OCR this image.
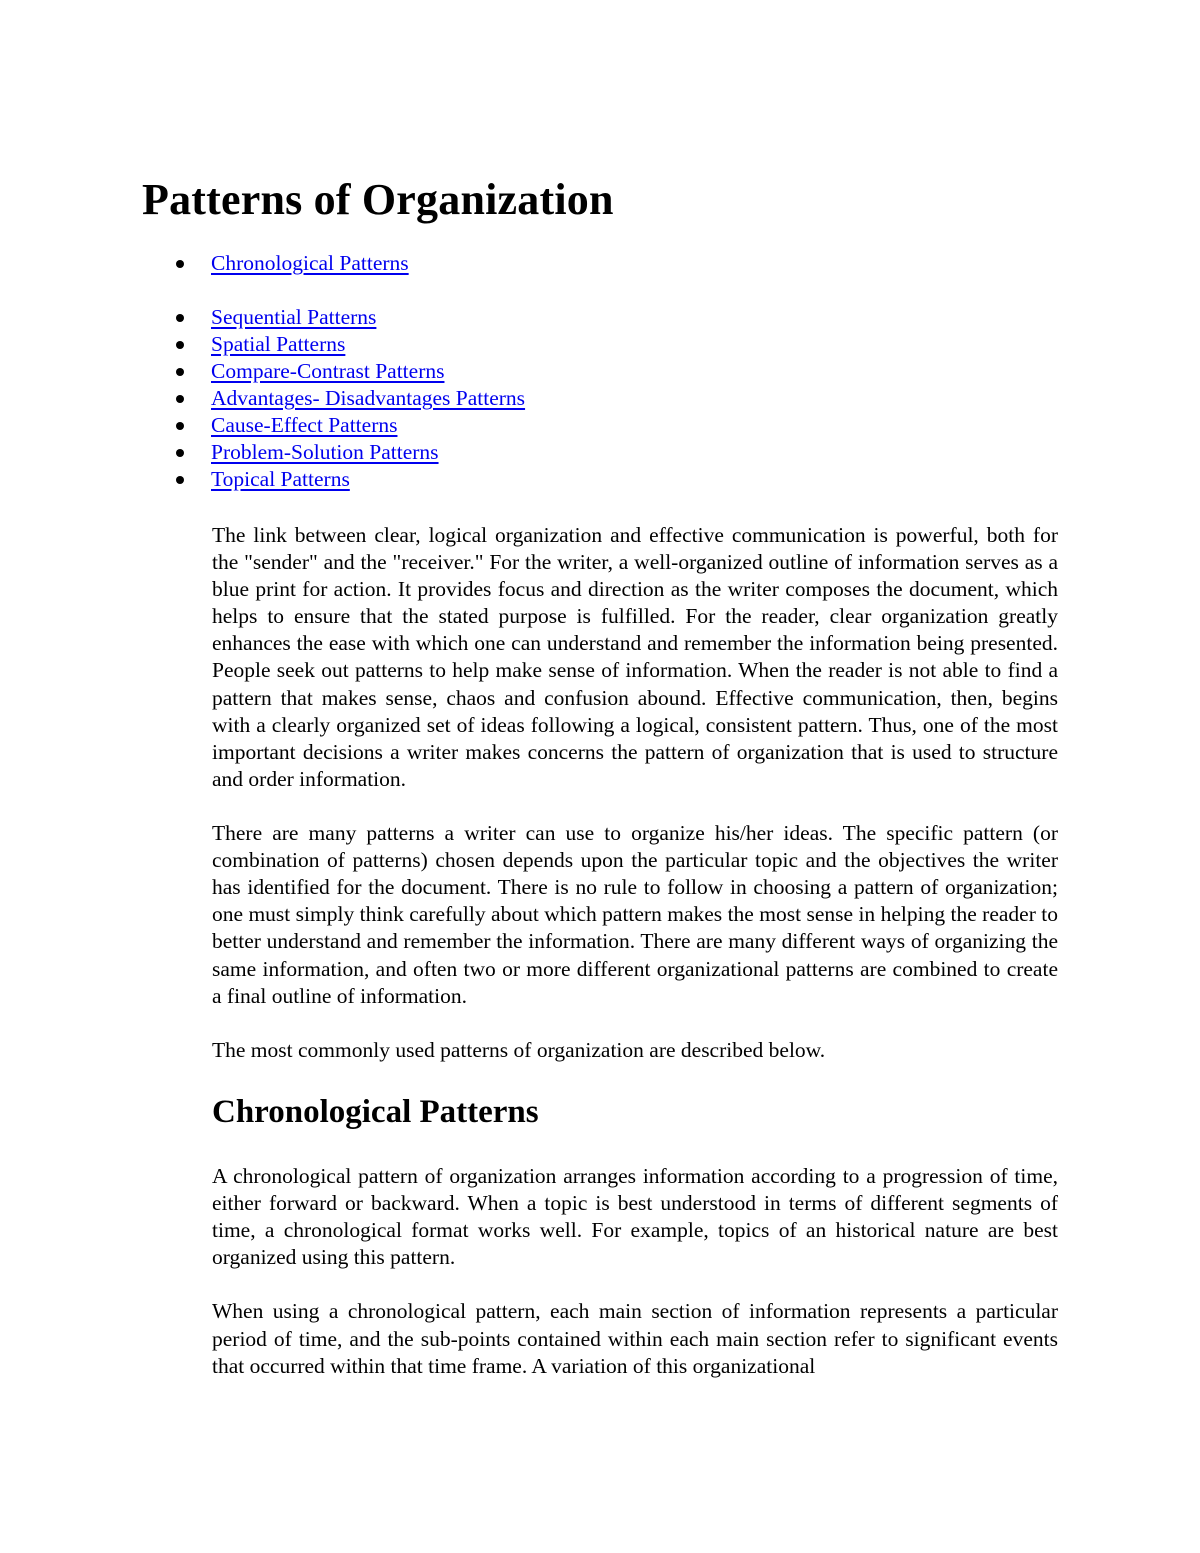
Patterns of Organization
Chronological Patterns
Sequential Patterns
Spatial Patterns
Compare-Contrast Patterns
Advantages- Disadvantages Patterns
Cause-Effect Patterns
Problem-Solution Patterns
Topical Patterns

The link between clear, logical organization and effective communication is powerful, both for the "sender" and the "receiver." For the writer, a well-organized outline of information serves as a blue print for action. It provides focus and direction as the writer composes the document, which helps to ensure that the stated purpose is fulfilled. For the reader, clear organization greatly enhances the ease with which one can understand and remember the information being presented. People seek out patterns to help make sense of information. When the reader is not able to find a pattern that makes sense, chaos and confusion abound. Effective communication, then, begins with a clearly organized set of ideas following a logical, consistent pattern. Thus, one of the most important decisions a writer makes concerns the pattern of organization that is used to structure and order information.

There are many patterns a writer can use to organize his/her ideas. The specific pattern (or combination of patterns) chosen depends upon the particular topic and the objectives the writer has identified for the document. There is no rule to follow in choosing a pattern of organization; one must simply think carefully about which pattern makes the most sense in helping the reader to better understand and remember the information. There are many different ways of organizing the same information, and often two or more different organizational patterns are combined to create a final outline of information.

The most commonly used patterns of organization are described below.

Chronological Patterns

A chronological pattern of organization arranges information according to a progression of time, either forward or backward. When a topic is best understood in terms of different segments of time, a chronological format works well. For example, topics of an historical nature are best organized using this pattern.

When using a chronological pattern, each main section of information represents a particular period of time, and the sub-points contained within each main section refer to significant events that occurred within that time frame. A variation of this organizational
